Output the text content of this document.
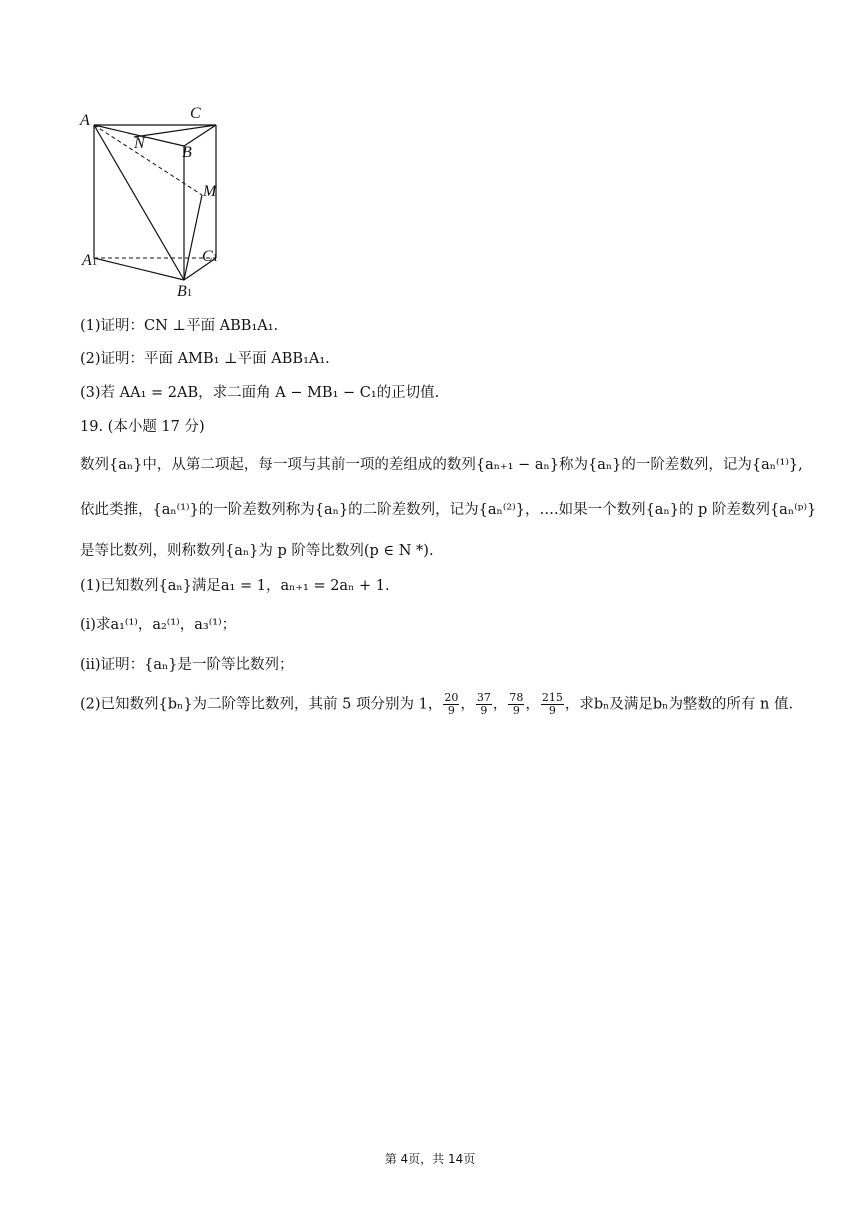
A	C
N
B
M
A1	C1
B1
(1)证明：CN ⊥平面 ABB₁A₁.
(2)证明：平面 AMB₁ ⊥平面 ABB₁A₁.
(3)若 AA₁ = 2AB，求二面角 A − MB₁ − C₁的正切值.
19. (本小题 17 分)
数列{aₙ}中，从第二项起，每一项与其前一项的差组成的数列{aₙ₊₁ − aₙ}称为{aₙ}的一阶差数列，记为{aₙ⁽¹⁾},
依此类推，{aₙ⁽¹⁾}的一阶差数列称为{aₙ}的二阶差数列，记为{aₙ⁽²⁾}，….如果一个数列{aₙ}的 p 阶差数列{aₙ⁽ᵖ⁾}
是等比数列，则称数列{aₙ}为 p 阶等比数列(p ∈ N *).
(1)已知数列{aₙ}满足a₁ = 1，aₙ₊₁ = 2aₙ + 1.
(ⅰ)求a₁⁽¹⁾，a₂⁽¹⁾，a₃⁽¹⁾；
(ⅱ)证明：{aₙ}是一阶等比数列；
(2)已知数列{bₙ}为二阶等比数列，其前 5 项分别为 1， $\frac{20}{9}$ ， $\frac{37}{9}$ ， $\frac{78}{9}$ ， $\frac{215}{9}$ ，求bₙ及满足bₙ为整数的所有 n 值.
第 4页，共 14页
